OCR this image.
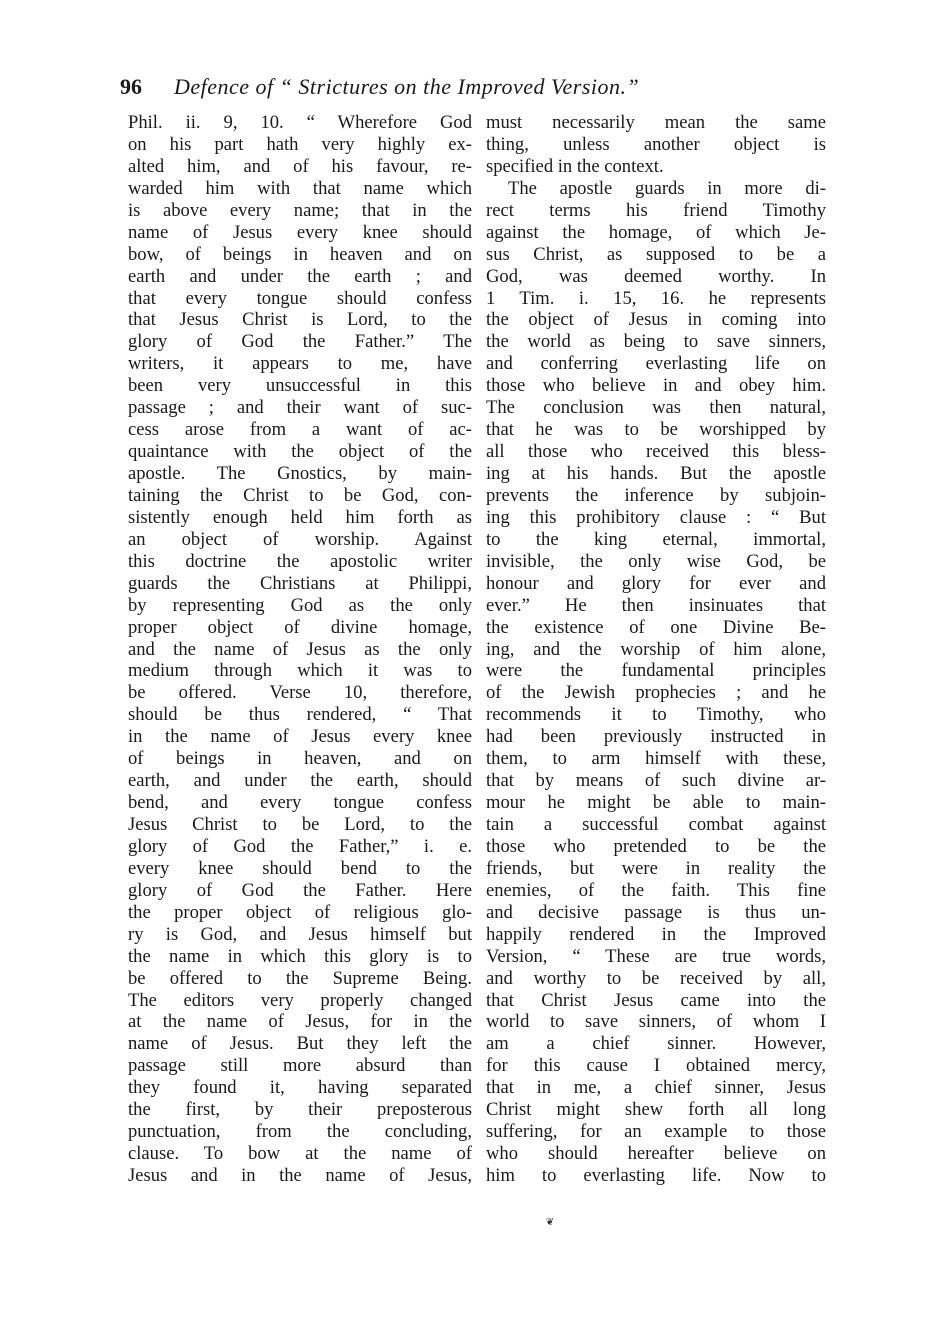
96 Defence of “ Strictures on the Improved Version.”
Phil. ii. 9, 10. “ Wherefore God
on his part hath very highly ex-
alted him, and of his favour, re-
warded him with that name which
is above every name; that in the
name of Jesus every knee should
bow, of beings in heaven and on
earth and under the earth ; and
that every tongue should confess
that Jesus Christ is Lord, to the
glory of God the Father.” The
writers, it appears to me, have
been very unsuccessful in this
passage ; and their want of suc-
cess arose from a want of ac-
quaintance with the object of the
apostle. The Gnostics, by main-
taining the Christ to be God, con-
sistently enough held him forth as
an object of worship. Against
this doctrine the apostolic writer
guards the Christians at Philippi,
by representing God as the only
proper object of divine homage,
and the name of Jesus as the only
medium through which it was to
be offered. Verse 10, therefore,
should be thus rendered, “ That
in the name of Jesus every knee
of beings in heaven, and on
earth, and under the earth, should
bend, and every tongue confess
Jesus Christ to be Lord, to the
glory of God the Father,” i. e.
every knee should bend to the
glory of God the Father. Here
the proper object of religious glo-
ry is God, and Jesus himself but
the name in which this glory is to
be offered to the Supreme Being.
The editors very properly changed
at the name of Jesus, for in the
name of Jesus. But they left the
passage still more absurd than
they found it, having separated
the first, by their preposterous
punctuation, from the concluding,
clause. To bow at the name of
Jesus and in the name of Jesus,
must necessarily mean the same
thing, unless another object is
specified in the context.
The apostle guards in more di-
rect terms his friend Timothy
against the homage, of which Je-
sus Christ, as supposed to be a
God, was deemed worthy. In
1 Tim. i. 15, 16. he represents
the object of Jesus in coming into
the world as being to save sinners,
and conferring everlasting life on
those who believe in and obey him.
The conclusion was then natural,
that he was to be worshipped by
all those who received this bless-
ing at his hands. But the apostle
prevents the inference by subjoin-
ing this prohibitory clause : “ But
to the king eternal, immortal,
invisible, the only wise God, be
honour and glory for ever and
ever.” He then insinuates that
the existence of one Divine Be-
ing, and the worship of him alone,
were the fundamental principles
of the Jewish prophecies ; and he
recommends it to Timothy, who
had been previously instructed in
them, to arm himself with these,
that by means of such divine ar-
mour he might be able to main-
tain a successful combat against
those who pretended to be the
friends, but were in reality the
enemies, of the faith. This fine
and decisive passage is thus un-
happily rendered in the Improved
Version, “ These are true words,
and worthy to be received by all,
that Christ Jesus came into the
world to save sinners, of whom I
am a chief sinner. However,
for this cause I obtained mercy,
that in me, a chief sinner, Jesus
Christ might shew forth all long
suffering, for an example to those
who should hereafter believe on
him to everlasting life. Now to
❦
